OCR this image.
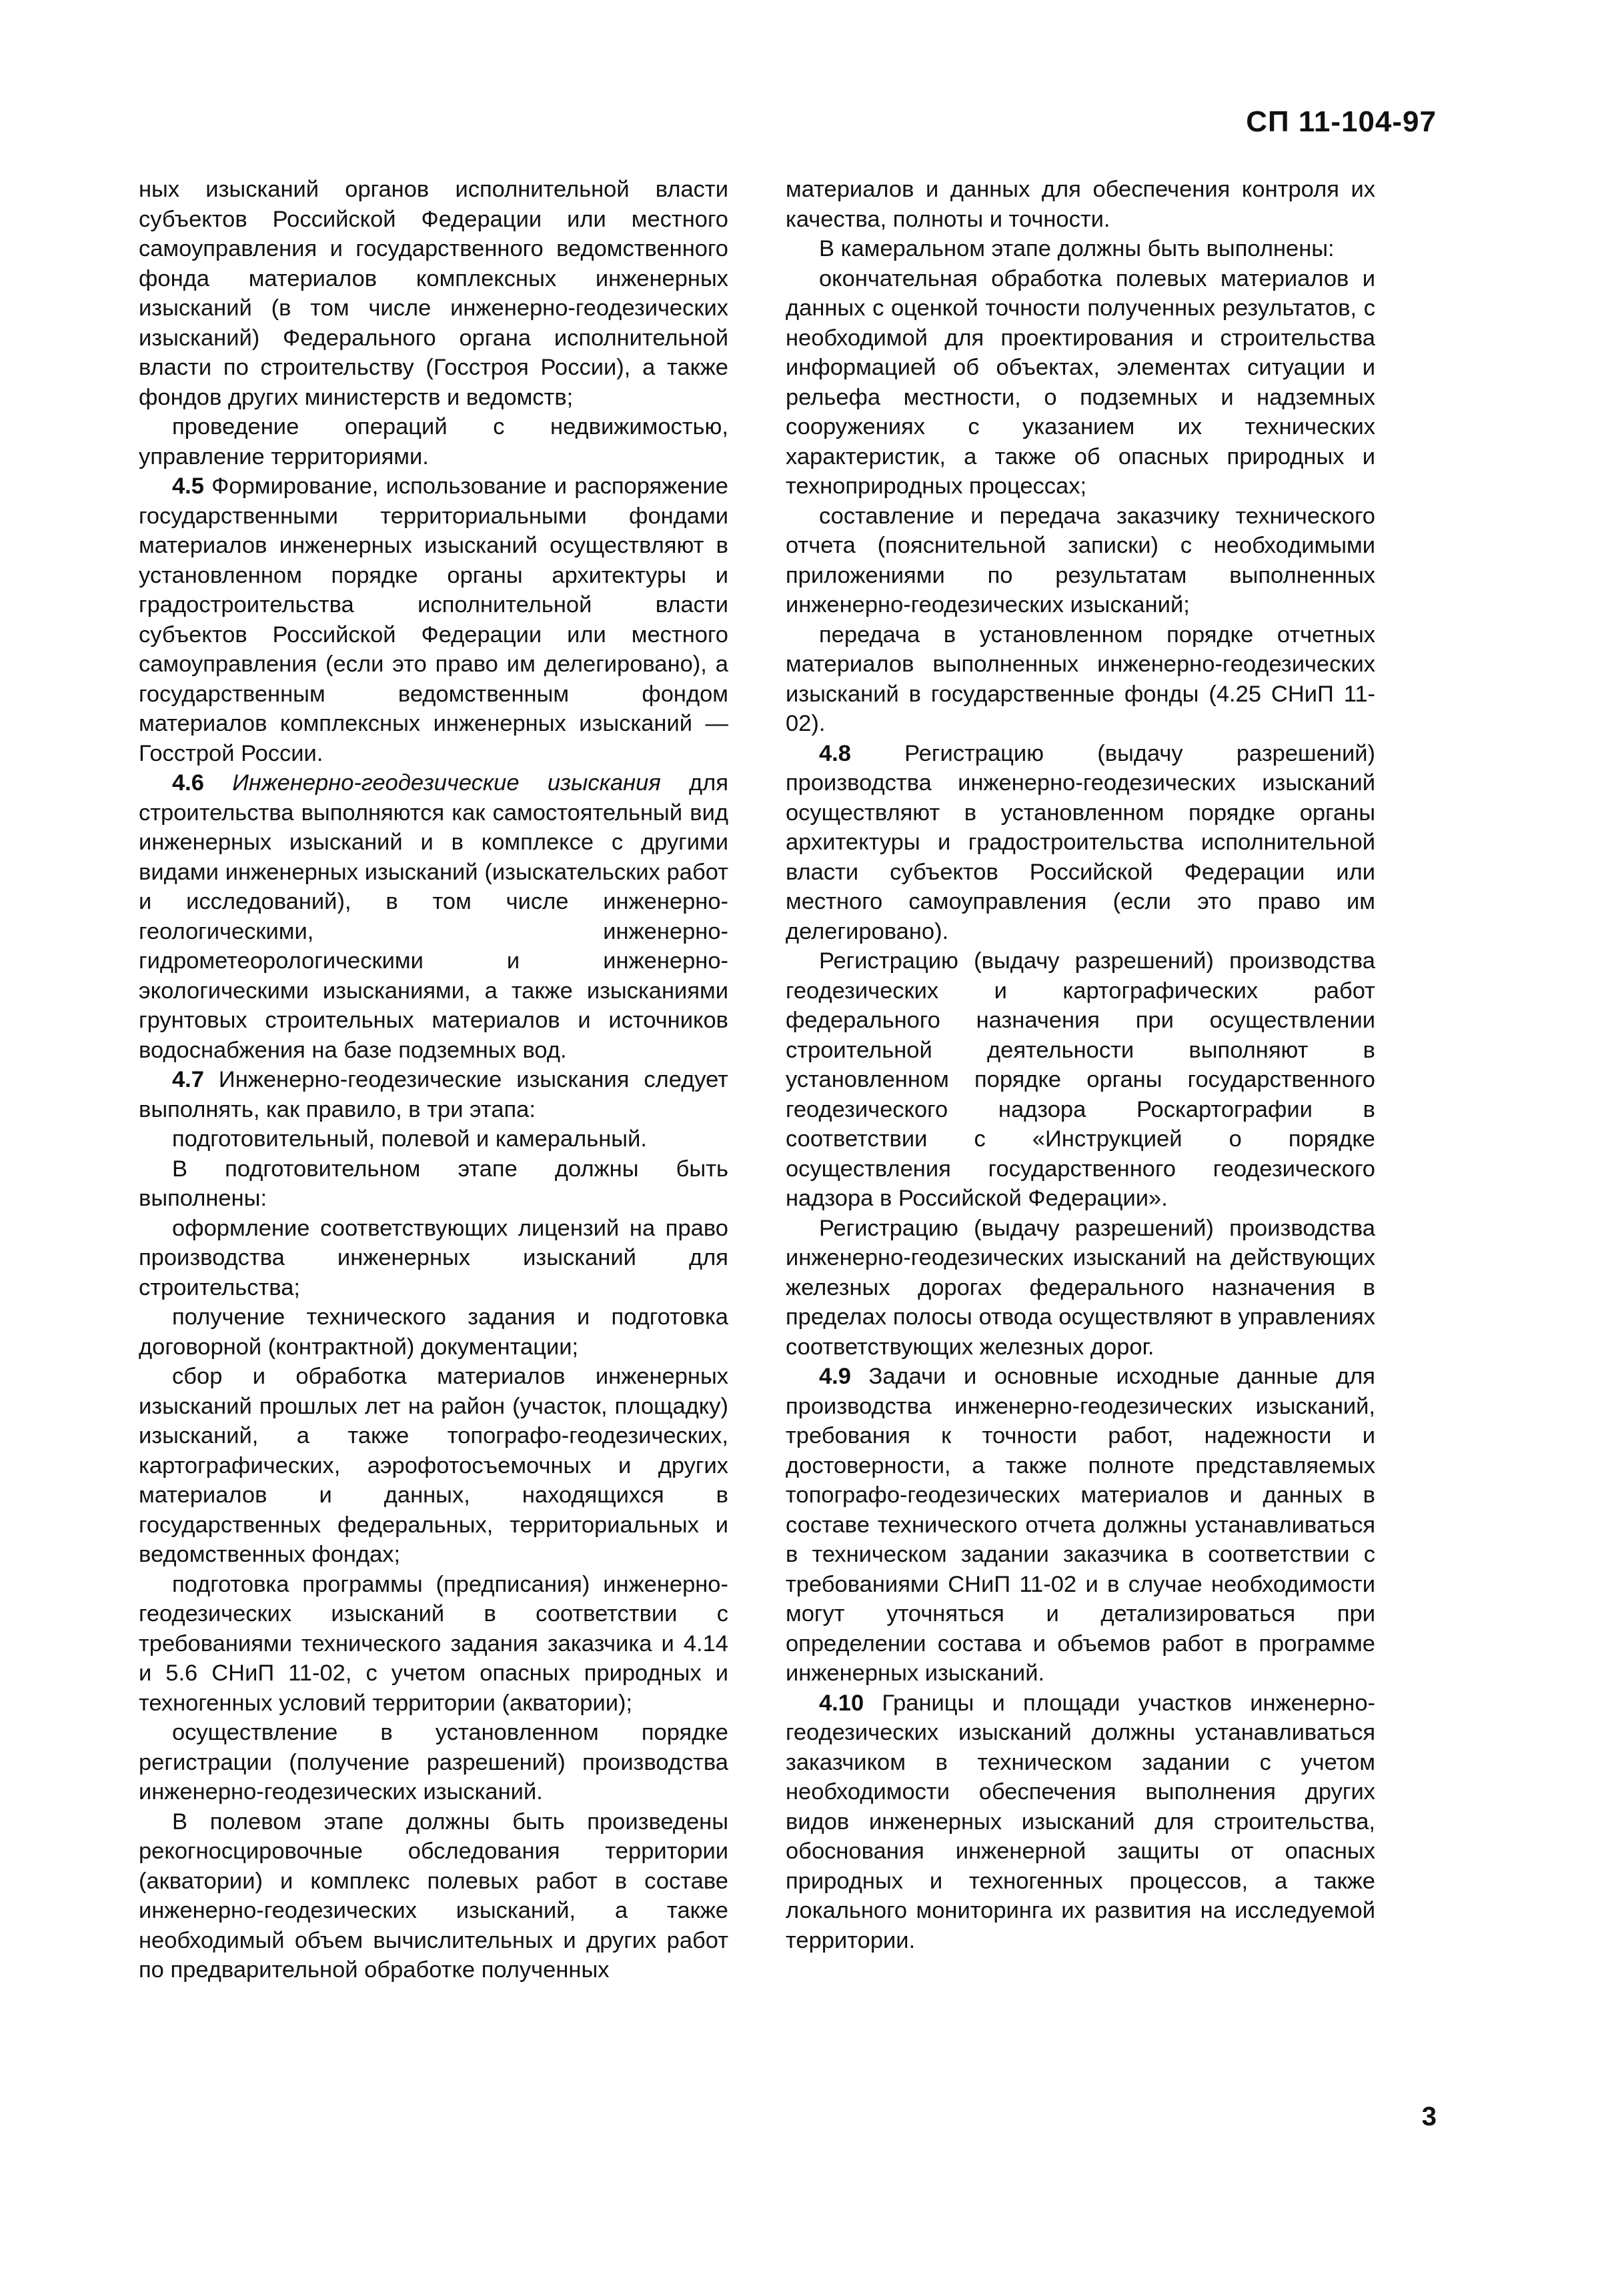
СП 11-104-97

ных изысканий органов исполнительной власти субъектов Российской Федерации или местного самоуправления и государственного ведомственного фонда материалов комплексных инженерных изысканий (в том числе инженерно-геодезических изысканий) Федерального органа исполнительной власти по строительству (Госстроя России), а также фондов других министерств и ведомств;

проведение операций с недвижимостью, управление территориями.

4.5 Формирование, использование и распоряжение государственными территориальными фондами материалов инженерных изысканий осуществляют в установленном порядке органы архитектуры и градостроительства исполнительной власти субъектов Российской Федерации или местного самоуправления (если это право им делегировано), а государственным ведомственным фондом материалов комплексных инженерных изысканий — Госстрой России.

4.6 Инженерно-геодезические изыскания для строительства выполняются как самостоятельный вид инженерных изысканий и в комплексе с другими видами инженерных изысканий (изыскательских работ и исследований), в том числе инженерно-геологическими, инженерно-гидрометеорологическими и инженерно-экологическими изысканиями, а также изысканиями грунтовых строительных материалов и источников водоснабжения на базе подземных вод.

4.7 Инженерно-геодезические изыскания следует выполнять, как правило, в три этапа:

подготовительный, полевой и камеральный.

В подготовительном этапе должны быть выполнены:

оформление соответствующих лицензий на право производства инженерных изысканий для строительства;

получение технического задания и подготовка договорной (контрактной) документации;

сбор и обработка материалов инженерных изысканий прошлых лет на район (участок, площадку) изысканий, а также топографо-геодезических, картографических, аэрофотосъемочных и других материалов и данных, находящихся в государственных федеральных, территориальных и ведомственных фондах;

подготовка программы (предписания) инженерно-геодезических изысканий в соответствии с требованиями технического задания заказчика и 4.14 и 5.6 СНиП 11-02, с учетом опасных природных и техногенных условий территории (акватории);

осуществление в установленном порядке регистрации (получение разрешений) производства инженерно-геодезических изысканий.

В полевом этапе должны быть произведены рекогносцировочные обследования территории (акватории) и комплекс полевых работ в составе инженерно-геодезических изысканий, а также необходимый объем вычислительных и других работ по предварительной обработке полученных

материалов и данных для обеспечения контроля их качества, полноты и точности.

В камеральном этапе должны быть выполнены:

окончательная обработка полевых материалов и данных с оценкой точности полученных результатов, с необходимой для проектирования и строительства информацией об объектах, элементах ситуации и рельефа местности, о подземных и надземных сооружениях с указанием их технических характеристик, а также об опасных природных и технoприродных процессах;

составление и передача заказчику технического отчета (пояснительной записки) с необходимыми приложениями по результатам выполненных инженерно-геодезических изысканий;

передача в установленном порядке отчетных материалов выполненных инженерно-геодезических изысканий в государственные фонды (4.25 СНиП 11-02).

4.8 Регистрацию (выдачу разрешений) производства инженерно-геодезических изысканий осуществляют в установленном порядке органы архитектуры и градостроительства исполнительной власти субъектов Российской Федерации или местного самоуправления (если это право им делегировано).

Регистрацию (выдачу разрешений) производства геодезических и картографических работ федерального назначения при осуществлении строительной деятельности выполняют в установленном порядке органы государственного геодезического надзора Роскартографии в соответствии с «Инструкцией о порядке осуществления государственного геодезического надзора в Российской Федерации».

Регистрацию (выдачу разрешений) производства инженерно-геодезических изысканий на действующих железных дорогах федерального назначения в пределах полосы отвода осуществляют в управлениях соответствующих железных дорог.

4.9 Задачи и основные исходные данные для производства инженерно-геодезических изысканий, требования к точности работ, надежности и достоверности, а также полноте представляемых топографо-геодезических материалов и данных в составе технического отчета должны устанавливаться в техническом задании заказчика в соответствии с требованиями СНиП 11-02 и в случае необходимости могут уточняться и детализироваться при определении состава и объемов работ в программе инженерных изысканий.

4.10 Границы и площади участков инженерно-геодезических изысканий должны устанавливаться заказчиком в техническом задании с учетом необходимости обеспечения выполнения других видов инженерных изысканий для строительства, обоснования инженерной защиты от опасных природных и техногенных процессов, а также локального мониторинга их развития на исследуемой территории.

3
